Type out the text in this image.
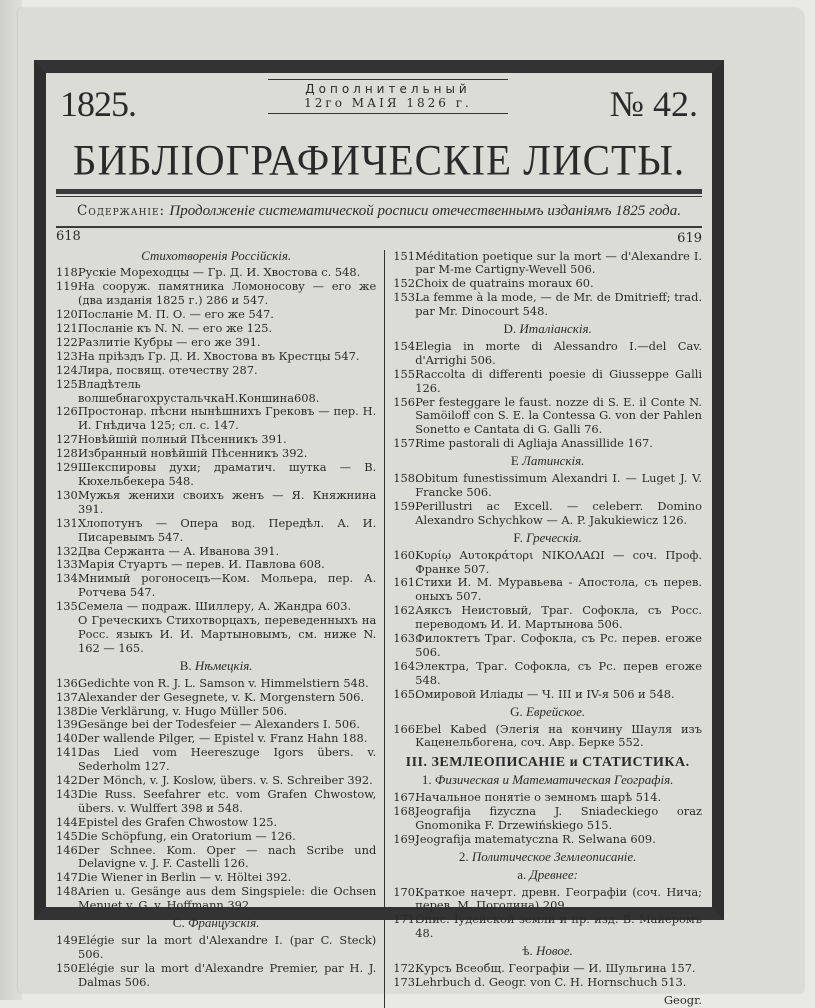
1825.	Дополнительный
12го МАІЯ 1826 г.	№ 42.
БИБЛІОГРАФИЧЕСКІЕ ЛИСТЫ.
Содержаніе: Продолженіе систематической росписи отечественнымъ изданіямъ 1825 года.
618
Стихотворенія Россійскія.
118.Рускіе Мореходцы — Гр. Д. И. Хвостова с. 548.
119.На сооруж. памятника Ломоносову — его же (два изданія 1825 г.) 286 и 547.
120.Посланіе М. П. О. — его же 547.
121.Посланіе къ N. N. — его же 125.
122.Разлитіе Кубры — его же 391.
123.На пріѣздъ Гр. Д. И. Хвостова въ Крестцы 547.
124.Лира, посвящ. отечеству 287.
125.Владѣтель волшебнагохрустальчкаН.Коншина608.
126.Простонар. пѣсни нынѣшнихъ Грековъ — пер. Н. И. Гнѣдича 125; сл. с. 147.
127.Новѣйшій полный Пѣсенникъ 391.
128.Избранный новѣйшій Пѣсенникъ 392.
129.Шекспировы духи; драматич. шутка — В. Кюхельбекера 548.
130.Мужья женихи своихъ женъ — Я. Княжнина 391.
131.Хлопотунъ — Опера вод. Передѣл. А. И. Писаревымъ 547.
132.Два Сержанта — А. Иванова 391.
133.Марія Стуартъ — перев. И. Павлова 608.
134.Мнимый рогоносецъ—Ком. Мольера, пер. А. Ротчева 547.
135.Семела — подраж. Шиллеру, А. Жандра 603.
О Греческихъ Стихотворцахъ, переведенныхъ на Росс. языкъ И. И. Мартыновымъ, см. ниже N. 162 — 165.
B. Нѣмецкія.
136.Gedichte von R. J. L. Samson v. Himmelstiern 548.
137.Alexander der Gesegnete, v. K. Morgenstern 506.
138.Die Verklärung, v. Hugo Müller 506.
139.Gesänge bei der Todesfeier — Alexanders I. 506.
140.Der wallende Pilger, — Epistel v. Franz Hahn 188.
141.Das Lied vom Heereszuge Igors übers. v. Sederholm 127.
142.Der Mönch, v. J. Koslow, übers. v. S. Schreiber 392.
143.Die Russ. Seefahrer etc. vom Grafen Chwostow, übers. v. Wulffert 398 и 548.
144.Epistel des Grafen Chwostow 125.
145.Die Schöpfung, ein Oratorium — 126.
146.Der Schnee. Kom. Oper — nach Scribe und Delavigne v. J. F. Castelli 126.
147.Die Wiener in Berlin — v. Höltei 392.
148.Arien u. Gesänge aus dem Singspiele: die Ochsen Menuet v. G. v. Hoffmann 392.
C. Французскія.
149.Elégie sur la mort d'Alexandre I. (par C. Steck) 506.
150.Elégie sur la mort d'Alexandre Premier, par H. J. Dalmas 506.
619
151.Méditation poetique sur la mort — d'Alexandre I. par M-me Cartigny-Wevell 506.
152.Choix de quatrains moraux 60.
153.La femme à la mode, — de Mr. de Dmitrieff; trad. par Mr. Dinocourt 548.
D. Италіанскія.
154.Elegia in morte di Alessandro I.—del Cav. d'Arrighi 506.
155.Raccolta di differenti poesie di Giusseppe Galli 126.
156.Per festeggare le faust. nozze di S. E. il Conte N. Samöiloff con S. E. la Contessa G. von der Pahlen Sonetto e Cantata di G. Galli 76.
157.Rime pastorali di Agliaja Anassillide 167.
E Латинскія.
158.Obitum funestissimum Alexandri I. — Luget J. V. Francke 506.
159.Perillustri ac Excell. — celeberr. Domino Alexandro Schychkow — A. P. Jakukiewicz 126.
F. Греческія.
160.Κυρίῳ Αυτοκράτορι ΝΙΚΟΛΑΩΙ — соч. Проф. Франке 507.
161.Стихи И. М. Муравьева - Апостола, съ перев. оныхъ 507.
162.Аяксъ Неистовый, Траг. Софокла, съ Росс. переводомъ И. И. Мартынова 506.
163.Филоктетъ Траг. Софокла, съ Рс. перев. егоже 506.
164.Электра, Траг. Софокла, съ Рс. перев егоже 548.
165.Омировой Иліады — Ч. III и IV-я 506 и 548.
G. Еврейское.
166.Ebel Kabed (Элегія на кончину Шауля изъ Каценельбогена, соч. Авр. Берке 552.
III. ЗЕМЛЕОПИСАНІЕ и СТАТИСТИКА.
1. Физическая и Математическая Географія.
167.Начальное понятіе о земномъ шарѣ 514.
168.Jeografija fizyczna J. Sniadeckiego oraz Gnomonika F. Drzewińskiego 515.
169.Jeografija matematyczna R. Selwana 609.
2. Политическое Землеописаніе.
a. Древнее:
170.Краткое начерт. древн. Географіи (соч. Нича; перев. М. Погодина) 209.
171.Опис. Іудейской земли и пр. изд. В. Майеромъ 48.
ѣ. Новое.
172.Курсъ Всеобщ. Географіи — И. Шульгина 157.
173.Lehrbuch d. Geogr. von C. H. Hornschuch 513.
Geogr.
